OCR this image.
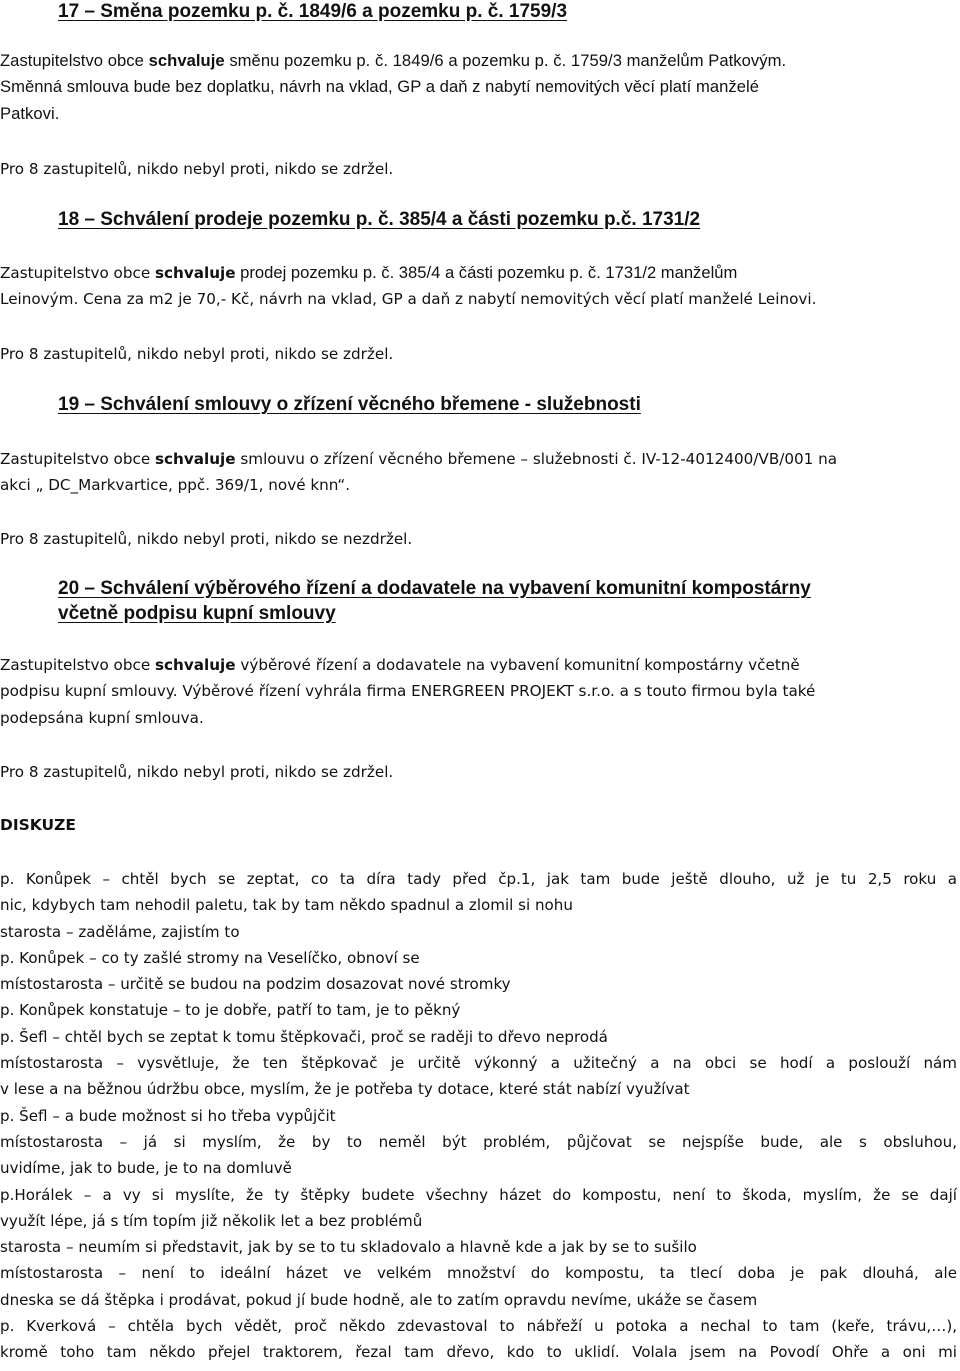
17 – Směna pozemku p. č. 1849/6 a pozemku p. č. 1759/3
Zastupitelstvo obce schvaluje směnu pozemku p. č. 1849/6 a pozemku p. č. 1759/3 manželům Patkovým.
Směnná smlouva bude bez doplatku, návrh na vklad, GP a daň z nabytí nemovitých věcí platí manželé
Patkovi.
Pro 8 zastupitelů, nikdo nebyl proti, nikdo se zdržel.
18 – Schválení prodeje pozemku p. č. 385/4 a části pozemku p.č. 1731/2
Zastupitelstvo obce schvaluje prodej pozemku p. č. 385/4 a části pozemku p. č. 1731/2 manželům
Leinovým. Cena za m2 je 70,- Kč, návrh na vklad, GP a daň z nabytí nemovitých věcí platí manželé Leinovi.
Pro 8 zastupitelů, nikdo nebyl proti, nikdo se zdržel.
19 – Schválení smlouvy o zřízení věcného břemene - služebnosti
Zastupitelstvo obce schvaluje smlouvu o zřízení věcného břemene – služebnosti č. IV-12-4012400/VB/001 na
akci „ DC_Markvartice, ppč. 369/1, nové knn“.
Pro 8 zastupitelů, nikdo nebyl proti, nikdo se nezdržel.
20 – Schválení výběrového řízení a dodavatele na vybavení komunitní kompostárny
včetně podpisu kupní smlouvy
Zastupitelstvo obce schvaluje výběrové řízení a dodavatele na vybavení komunitní kompostárny včetně
podpisu kupní smlouvy. Výběrové řízení vyhrála firma ENERGREEN PROJEKT s.r.o. a s touto firmou byla také
podepsána kupní smlouva.
Pro 8 zastupitelů, nikdo nebyl proti, nikdo se zdržel.
DISKUZE
p. Konůpek – chtěl bych se zeptat, co ta díra tady před čp.1, jak tam bude ještě dlouho, už je tu 2,5 roku a
nic, kdybych tam nehodil paletu, tak by tam někdo spadnul a zlomil si nohu
starosta – zaděláme, zajistím to
p. Konůpek – co ty zašlé stromy na Veselíčko, obnoví se
místostarosta – určitě se budou na podzim dosazovat nové stromky
p. Konůpek konstatuje – to je dobře, patří to tam, je to pěkný
p. Šefl – chtěl bych se zeptat k tomu štěpkovači, proč se raději to dřevo neprodá
místostarosta – vysvětluje, že ten štěpkovač je určitě výkonný a užitečný a na obci se hodí a poslouží nám
v lese a na běžnou údržbu obce, myslím, že je potřeba ty dotace, které stát nabízí využívat
p. Šefl – a bude možnost si ho třeba vypůjčit
místostarosta – já si myslím, že by to neměl být problém, půjčovat se nejspíše bude, ale s obsluhou,
uvidíme, jak to bude, je to na domluvě
p.Horálek – a vy si myslíte, že ty štěpky budete všechny házet do kompostu, není to škoda, myslím, že se dají
využít lépe, já s tím topím již několik let a bez problémů
starosta – neumím si představit, jak by se to tu skladovalo a hlavně kde a jak by se to sušilo
místostarosta – není to ideální házet ve velkém množství do kompostu, ta tlecí doba je pak dlouhá, ale
dneska se dá štěpka i prodávat, pokud jí bude hodně, ale to zatím opravdu nevíme, ukáže se časem
p. Kverková – chtěla bych vědět, proč někdo zdevastoval to nábřeží u potoka a nechal to tam (keře, trávu,…),
kromě toho tam někdo přejel traktorem, řezal tam dřevo, kdo to uklidí. Volala jsem na Povodí Ohře a oni mi
